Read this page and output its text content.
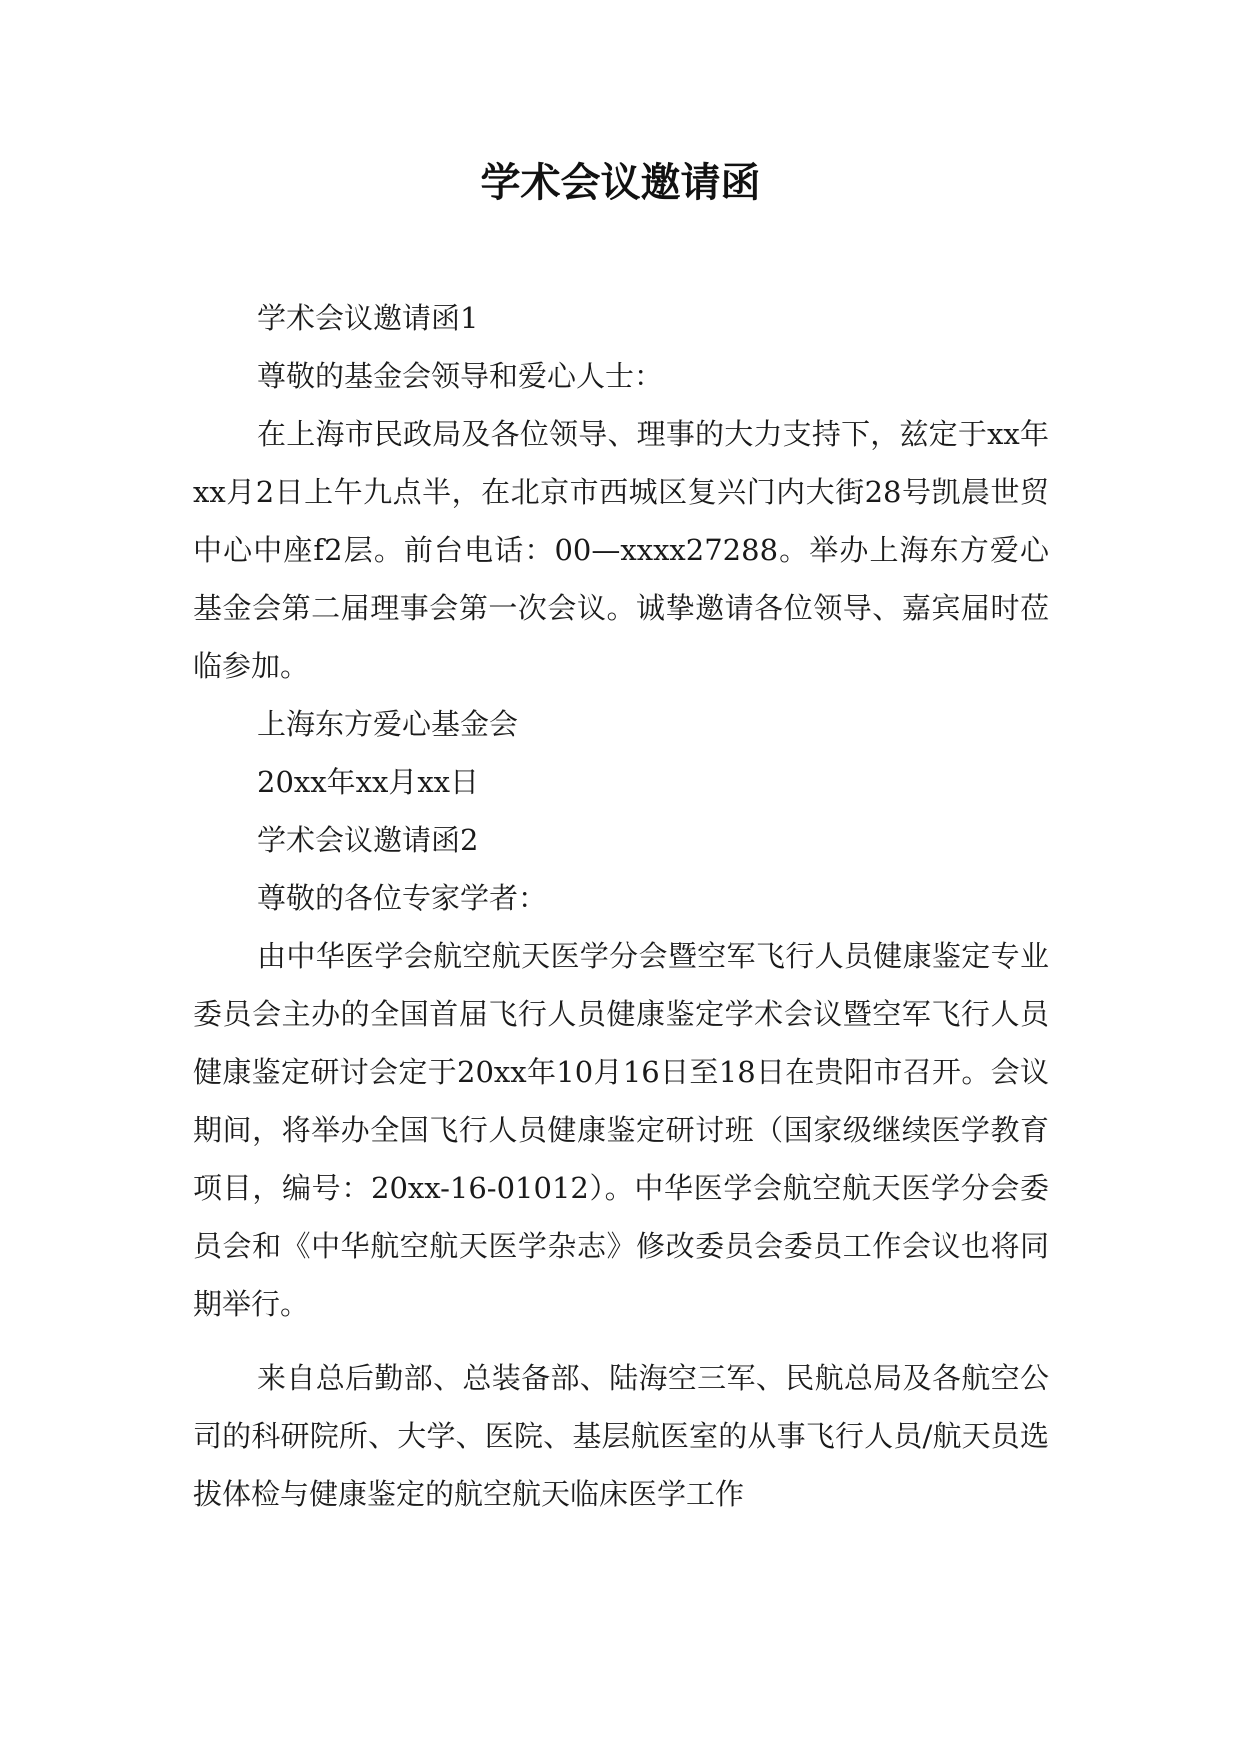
学术会议邀请函

学术会议邀请函1

尊敬的基金会领导和爱心人士：

在上海市民政局及各位领导、理事的大力支持下，兹定于xx年xx月2日上午九点半，在北京市西城区复兴门内大街28号凯晨世贸中心中座f2层。前台电话：00—xxxx27288。举办上海东方爱心基金会第二届理事会第一次会议。诚挚邀请各位领导、嘉宾届时莅临参加。

上海东方爱心基金会

20xx年xx月xx日

学术会议邀请函2

尊敬的各位专家学者：

由中华医学会航空航天医学分会暨空军飞行人员健康鉴定专业委员会主办的全国首届飞行人员健康鉴定学术会议暨空军飞行人员健康鉴定研讨会定于20xx年10月16日至18日在贵阳市召开。会议期间，将举办全国飞行人员健康鉴定研讨班（国家级继续医学教育项目，编号：20xx-16-01012）。中华医学会航空航天医学分会委员会和《中华航空航天医学杂志》修改委员会委员工作会议也将同期举行。

来自总后勤部、总装备部、陆海空三军、民航总局及各航空公司的科研院所、大学、医院、基层航医室的从事飞行人员/航天员选拔体检与健康鉴定的航空航天临床医学工作
